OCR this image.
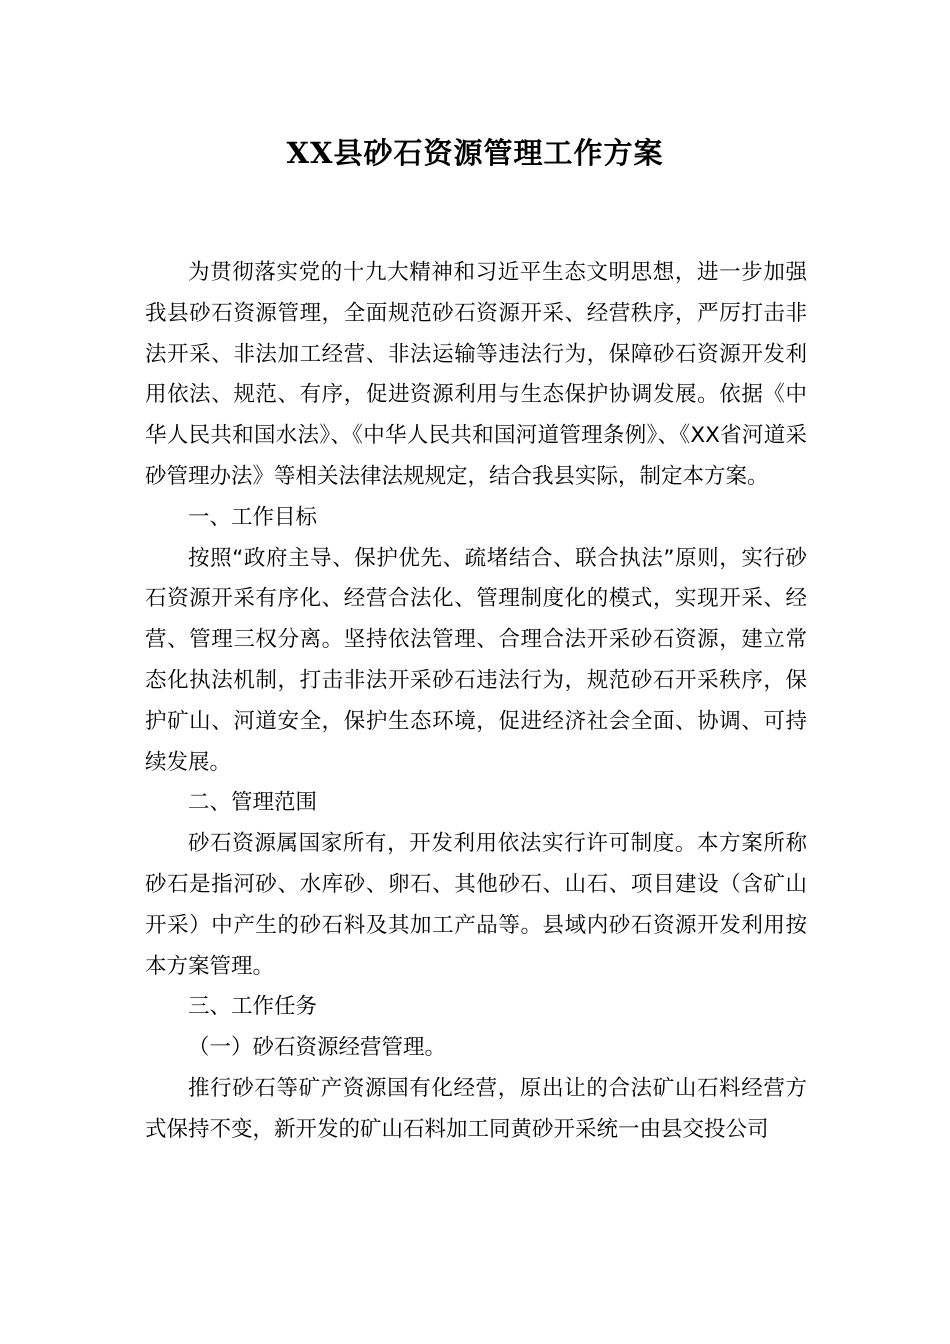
XX县砂石资源管理工作方案

为贯彻落实党的十九大精神和习近平生态文明思想，进一步加强我县砂石资源管理，全面规范砂石资源开采、经营秩序，严厉打击非法开采、非法加工经营、非法运输等违法行为，保障砂石资源开发利用依法、规范、有序，促进资源利用与生态保护协调发展。依据《中华人民共和国水法》、《中华人民共和国河道管理条例》、《XX省河道采砂管理办法》等相关法律法规规定，结合我县实际，制定本方案。

一、工作目标

按照“政府主导、保护优先、疏堵结合、联合执法”原则，实行砂石资源开采有序化、经营合法化、管理制度化的模式，实现开采、经营、管理三权分离。坚持依法管理、合理合法开采砂石资源，建立常态化执法机制，打击非法开采砂石违法行为，规范砂石开采秩序，保护矿山、河道安全，保护生态环境，促进经济社会全面、协调、可持续发展。

二、管理范围

砂石资源属国家所有，开发利用依法实行许可制度。本方案所称砂石是指河砂、水库砂、卵石、其他砂石、山石、项目建设（含矿山开采）中产生的砂石料及其加工产品等。县域内砂石资源开发利用按本方案管理。

三、工作任务

（一）砂石资源经营管理。

推行砂石等矿产资源国有化经营，原出让的合法矿山石料经营方式保持不变，新开发的矿山石料加工同黄砂开采统一由县交投公司
